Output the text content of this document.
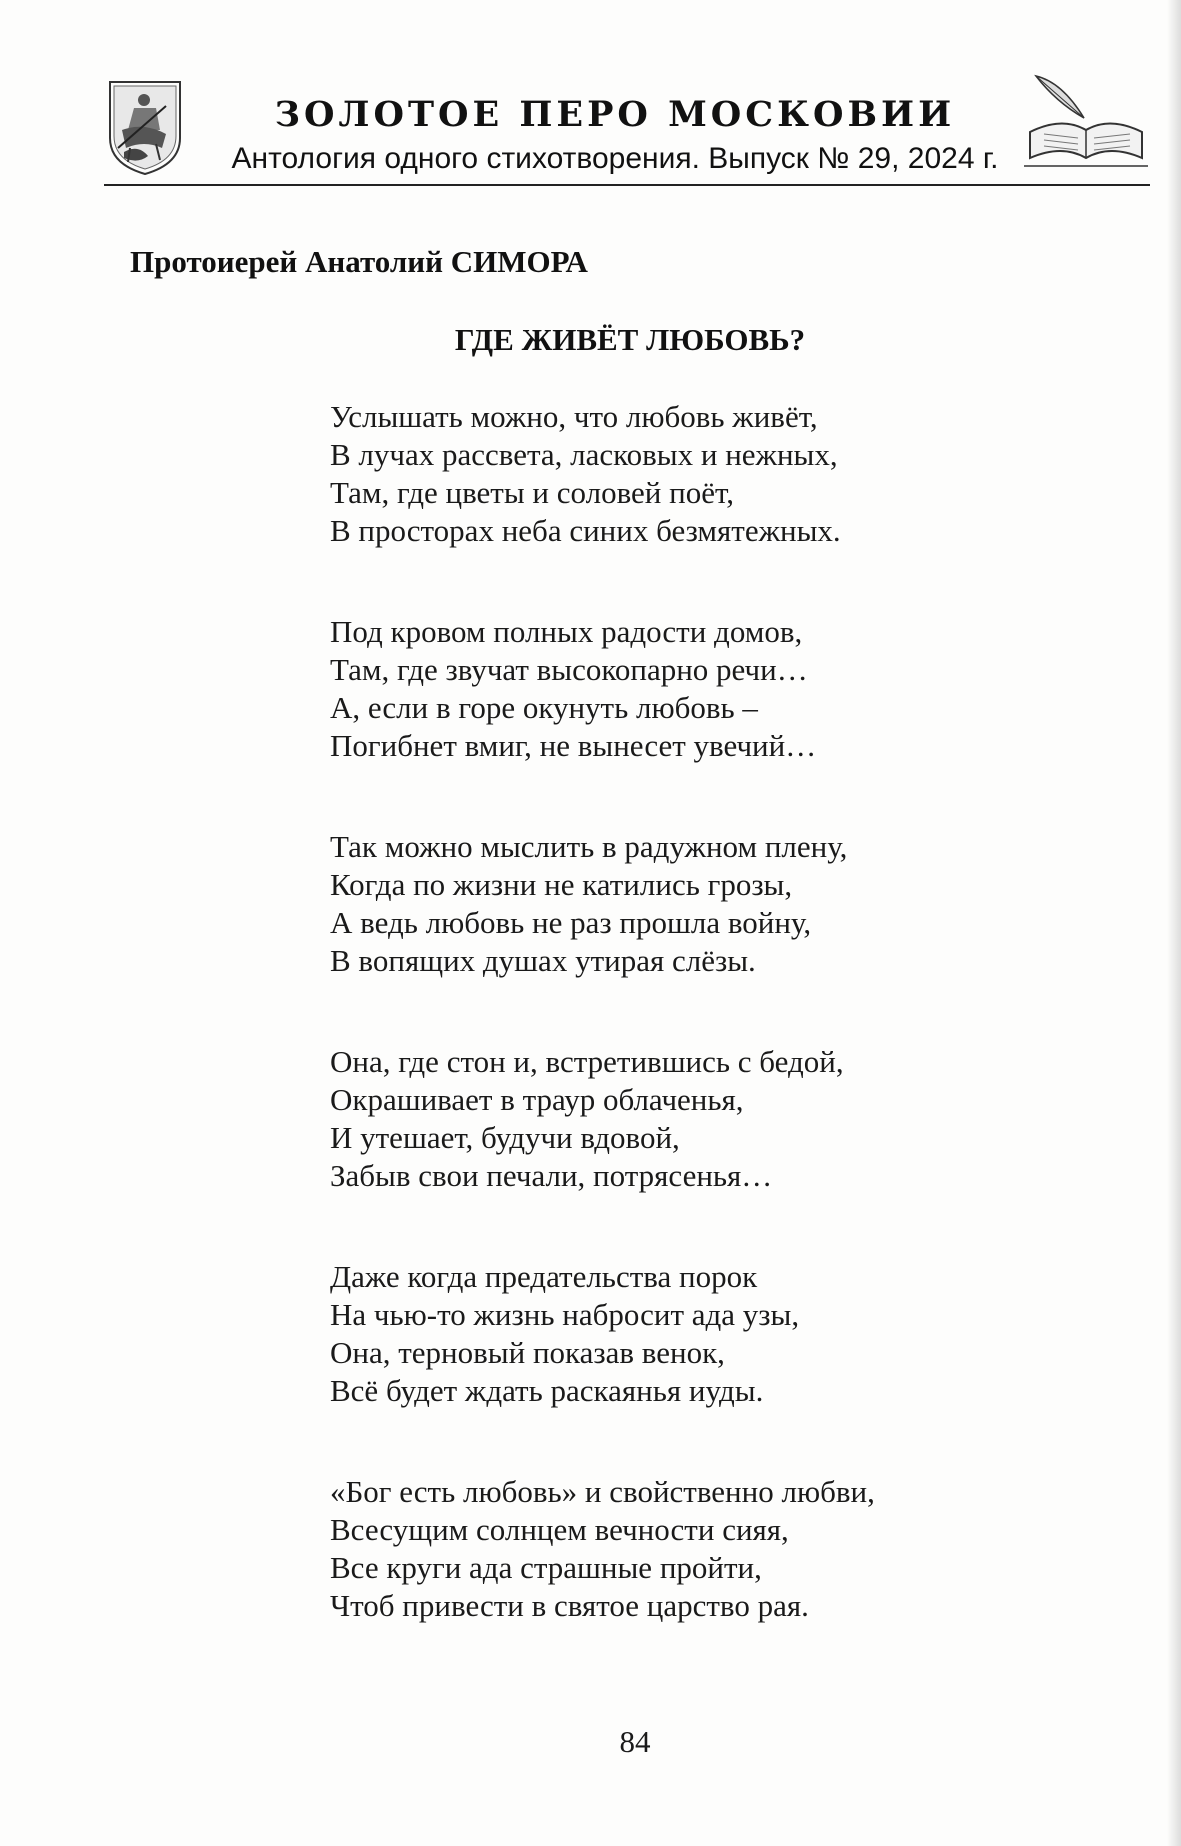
ЗОЛОТОЕ ПЕРО МОСКОВИИ
Антология одного стихотворения. Выпуск № 29, 2024 г.
Протоиерей Анатолий СИМОРА
ГДЕ ЖИВЁТ ЛЮБОВЬ?
Услышать можно, что любовь живёт,
В лучах рассвета, ласковых и нежных,
Там, где цветы и соловей поёт,
В просторах неба синих безмятежных.
Под кровом полных радости домов,
Там, где звучат высокопарно речи…
А, если в горе окунуть любовь –
Погибнет вмиг, не вынесет увечий…
Так можно мыслить в радужном плену,
Когда по жизни не катились грозы,
А ведь любовь не раз прошла войну,
В вопящих душах утирая слёзы.
Она, где стон и, встретившись с бедой,
Окрашивает в траур облаченья,
И утешает, будучи вдовой,
Забыв свои печали, потрясенья…
Даже когда предательства порок
На чью-то жизнь набросит ада узы,
Она, терновый показав венок,
Всё будет ждать раскаянья иуды.
«Бог есть любовь» и свойственно любви,
Всесущим солнцем вечности сияя,
Все круги ада страшные пройти,
Чтоб привести в святое царство рая.
84
